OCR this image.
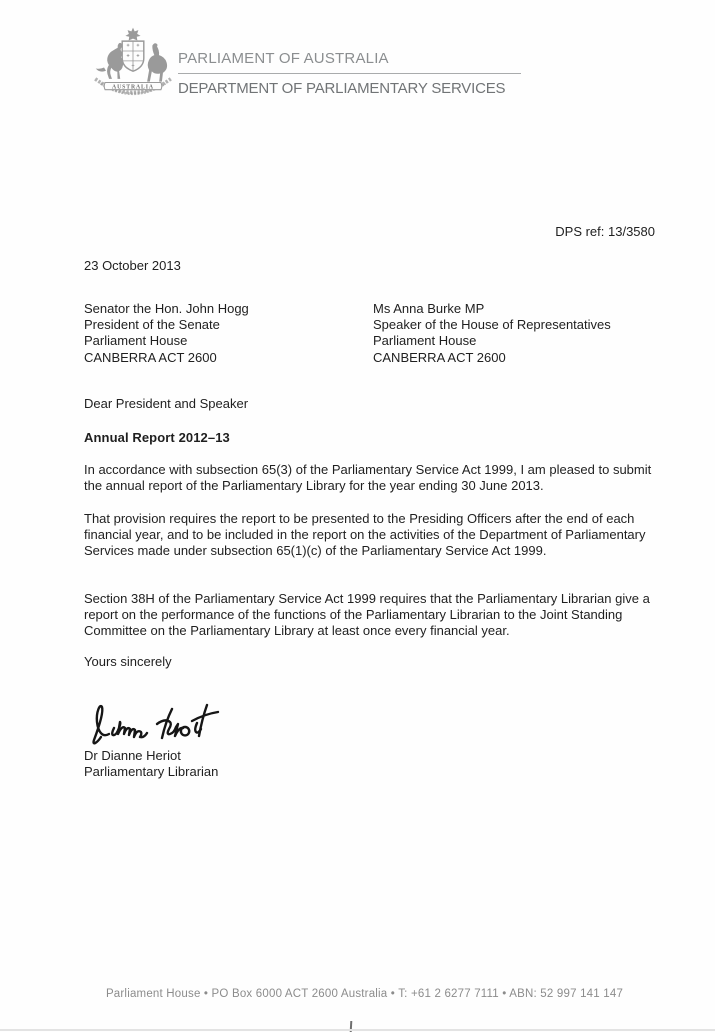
AUSTRALIA
PARLIAMENT OF AUSTRALIA
DEPARTMENT OF PARLIAMENTARY SERVICES
DPS ref: 13/3580
23 October 2013
Senator the Hon. John Hogg
President of the Senate
Parliament House
CANBERRA ACT 2600
Ms Anna Burke MP
Speaker of the House of Representatives
Parliament House
CANBERRA ACT 2600
Dear President and Speaker
Annual Report 2012–13
In accordance with subsection 65(3) of the Parliamentary Service Act 1999, I am pleased to submit the annual report of the Parliamentary Library for the year ending 30 June 2013.
That provision requires the report to be presented to the Presiding Officers after the end of each financial year, and to be included in the report on the activities of the Department of Parliamentary Services made under subsection 65(1)(c) of the Parliamentary Service Act 1999.
Section 38H of the Parliamentary Service Act 1999 requires that the Parliamentary Librarian give a report on the performance of the functions of the Parliamentary Librarian to the Joint Standing Committee on the Parliamentary Library at least once every financial year.
Yours sincerely
Dr Dianne Heriot
Parliamentary Librarian
Parliament House • PO Box 6000 ACT 2600 Australia • T: +61 2 6277 7111 • ABN: 52 997 141 147
